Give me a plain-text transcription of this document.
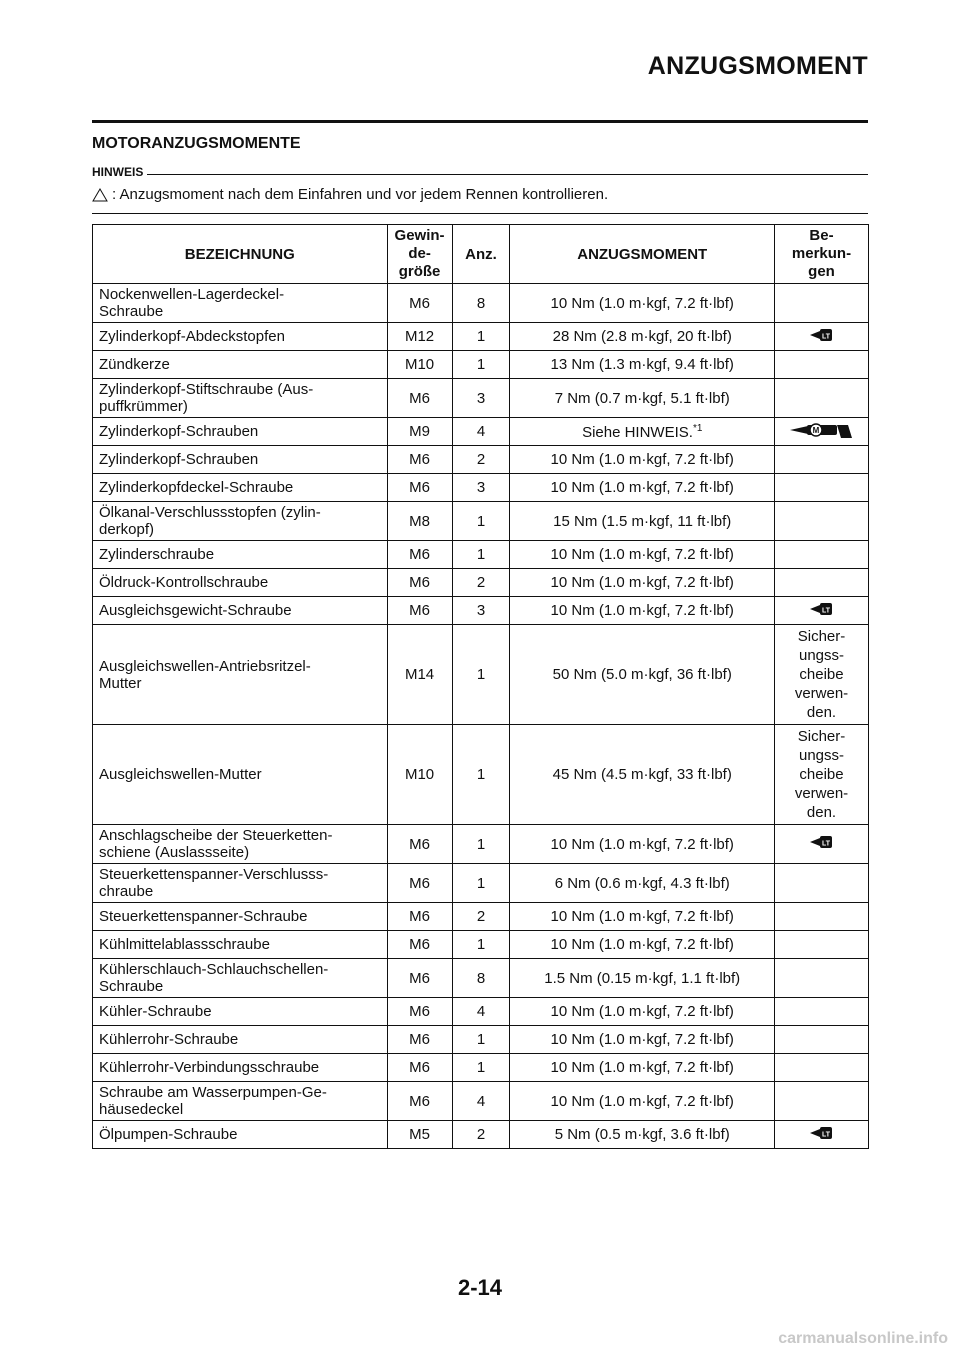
ANZUGSMOMENT
MOTORANZUGSMOMENTE
HINWEIS
: Anzugsmoment nach dem Einfahren und vor jedem Rennen kontrollieren.
BEZEICHNUNG	Gewin-
de-
größe	Anz.	ANZUGSMOMENT	Be-
merkun-
gen

Nockenwellen-Lagerdeckel-
Schraube	M6	8	10 Nm (1.0 m·kgf, 7.2 ft·lbf)	
Zylinderkopf-Abdeckstopfen	M12	1	28 Nm (2.8 m·kgf, 20 ft·lbf)	LT

Zündkerze	M10	1	13 Nm (1.3 m·kgf, 9.4 ft·lbf)	
Zylinderkopf-Stiftschraube (Aus-
puffkrümmer)	M6	3	7 Nm (0.7 m·kgf, 5.1 ft·lbf)	
Zylinderkopf-Schrauben	M9	4	Siehe HINWEIS.$^{*1}$	M

Zylinderkopf-Schrauben	M6	2	10 Nm (1.0 m·kgf, 7.2 ft·lbf)	
Zylinderkopfdeckel-Schraube	M6	3	10 Nm (1.0 m·kgf, 7.2 ft·lbf)	
Ölkanal-Verschlussstopfen (zylin-
derkopf)	M8	1	15 Nm (1.5 m·kgf, 11 ft·lbf)	
Zylinderschraube	M6	1	10 Nm (1.0 m·kgf, 7.2 ft·lbf)	
Öldruck-Kontrollschraube	M6	2	10 Nm (1.0 m·kgf, 7.2 ft·lbf)	
Ausgleichsgewicht-Schraube	M6	3	10 Nm (1.0 m·kgf, 7.2 ft·lbf)	LT

Ausgleichswellen-Antriebsritzel-
Mutter	M14	1	50 Nm (5.0 m·kgf, 36 ft·lbf)	Sicher-
ungss-
cheibe
verwen-
den.

Ausgleichswellen-Mutter	M10	1	45 Nm (4.5 m·kgf, 33 ft·lbf)	Sicher-
ungss-
cheibe
verwen-
den.

Anschlagscheibe der Steuerketten-
schiene (Auslassseite)	M6	1	10 Nm (1.0 m·kgf, 7.2 ft·lbf)	LT

Steuerkettenspanner-Verschlusss-
chraube	M6	1	6 Nm (0.6 m·kgf, 4.3 ft·lbf)	
Steuerkettenspanner-Schraube	M6	2	10 Nm (1.0 m·kgf, 7.2 ft·lbf)	
Kühlmittelablassschraube	M6	1	10 Nm (1.0 m·kgf, 7.2 ft·lbf)	
Kühlerschlauch-Schlauchschellen-
Schraube	M6	8	1.5 Nm (0.15 m·kgf, 1.1 ft·lbf)	
Kühler-Schraube	M6	4	10 Nm (1.0 m·kgf, 7.2 ft·lbf)	
Kühlerrohr-Schraube	M6	1	10 Nm (1.0 m·kgf, 7.2 ft·lbf)	
Kühlerrohr-Verbindungsschraube	M6	1	10 Nm (1.0 m·kgf, 7.2 ft·lbf)	
Schraube am Wasserpumpen-Ge-
häusedeckel	M6	4	10 Nm (1.0 m·kgf, 7.2 ft·lbf)	
Ölpumpen-Schraube	M5	2	5 Nm (0.5 m·kgf, 3.6 ft·lbf)	LT
2-14
carmanualsonline.info
